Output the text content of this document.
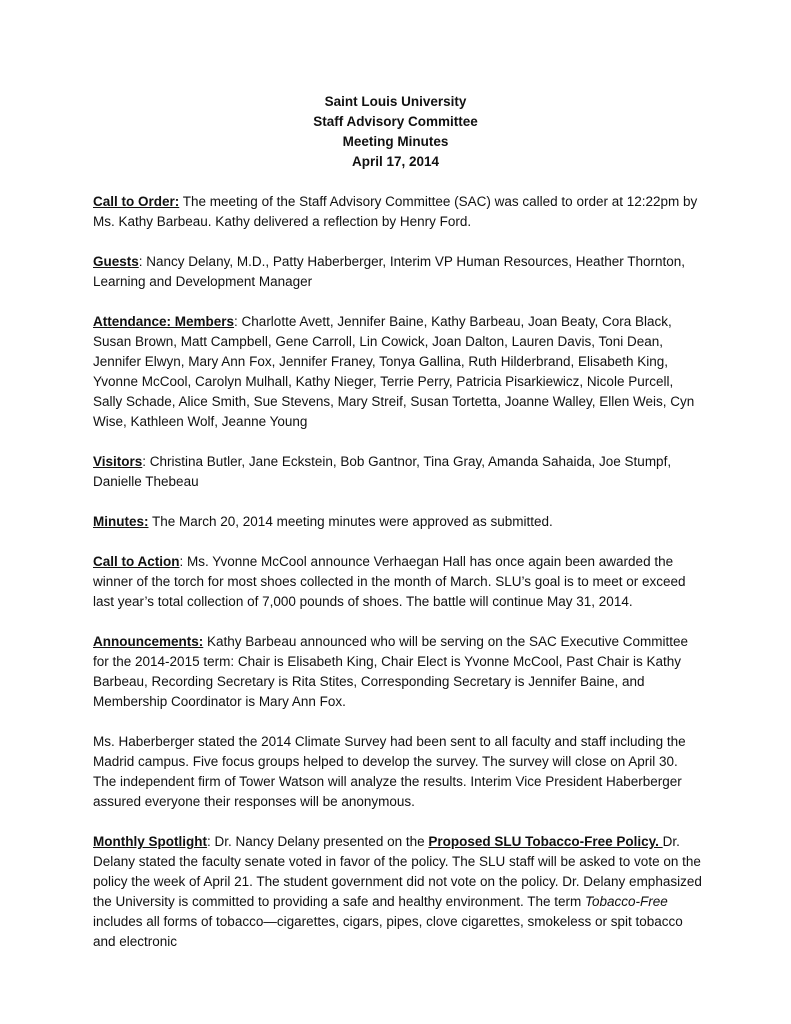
Saint Louis University
Staff Advisory Committee
Meeting Minutes
April 17, 2014

Call to Order: The meeting of the Staff Advisory Committee (SAC) was called to order at 12:22pm by Ms. Kathy Barbeau. Kathy delivered a reflection by Henry Ford.

Guests: Nancy Delany, M.D., Patty Haberberger, Interim VP Human Resources, Heather Thornton, Learning and Development Manager

Attendance: Members: Charlotte Avett, Jennifer Baine, Kathy Barbeau, Joan Beaty, Cora Black, Susan Brown, Matt Campbell, Gene Carroll, Lin Cowick, Joan Dalton, Lauren Davis, Toni Dean, Jennifer Elwyn, Mary Ann Fox, Jennifer Franey, Tonya Gallina, Ruth Hilderbrand, Elisabeth King, Yvonne McCool, Carolyn Mulhall, Kathy Nieger, Terrie Perry, Patricia Pisarkiewicz, Nicole Purcell, Sally Schade, Alice Smith, Sue Stevens, Mary Streif, Susan Tortetta, Joanne Walley, Ellen Weis, Cyn Wise, Kathleen Wolf, Jeanne Young

Visitors: Christina Butler, Jane Eckstein, Bob Gantnor, Tina Gray, Amanda Sahaida, Joe Stumpf, Danielle Thebeau

Minutes: The March 20, 2014 meeting minutes were approved as submitted.

Call to Action: Ms. Yvonne McCool announce Verhaegan Hall has once again been awarded the winner of the torch for most shoes collected in the month of March. SLU’s goal is to meet or exceed last year’s total collection of 7,000 pounds of shoes. The battle will continue May 31, 2014.

Announcements: Kathy Barbeau announced who will be serving on the SAC Executive Committee for the 2014-2015 term: Chair is Elisabeth King, Chair Elect is Yvonne McCool, Past Chair is Kathy Barbeau, Recording Secretary is Rita Stites, Corresponding Secretary is Jennifer Baine, and Membership Coordinator is Mary Ann Fox.

Ms. Haberberger stated the 2014 Climate Survey had been sent to all faculty and staff including the Madrid campus. Five focus groups helped to develop the survey. The survey will close on April 30. The independent firm of Tower Watson will analyze the results. Interim Vice President Haberberger assured everyone their responses will be anonymous.

Monthly Spotlight: Dr. Nancy Delany presented on the Proposed SLU Tobacco-Free Policy. Dr. Delany stated the faculty senate voted in favor of the policy. The SLU staff will be asked to vote on the policy the week of April 21. The student government did not vote on the policy. Dr. Delany emphasized the University is committed to providing a safe and healthy environment. The term Tobacco-Free includes all forms of tobacco—cigarettes, cigars, pipes, clove cigarettes, smokeless or spit tobacco and electronic
